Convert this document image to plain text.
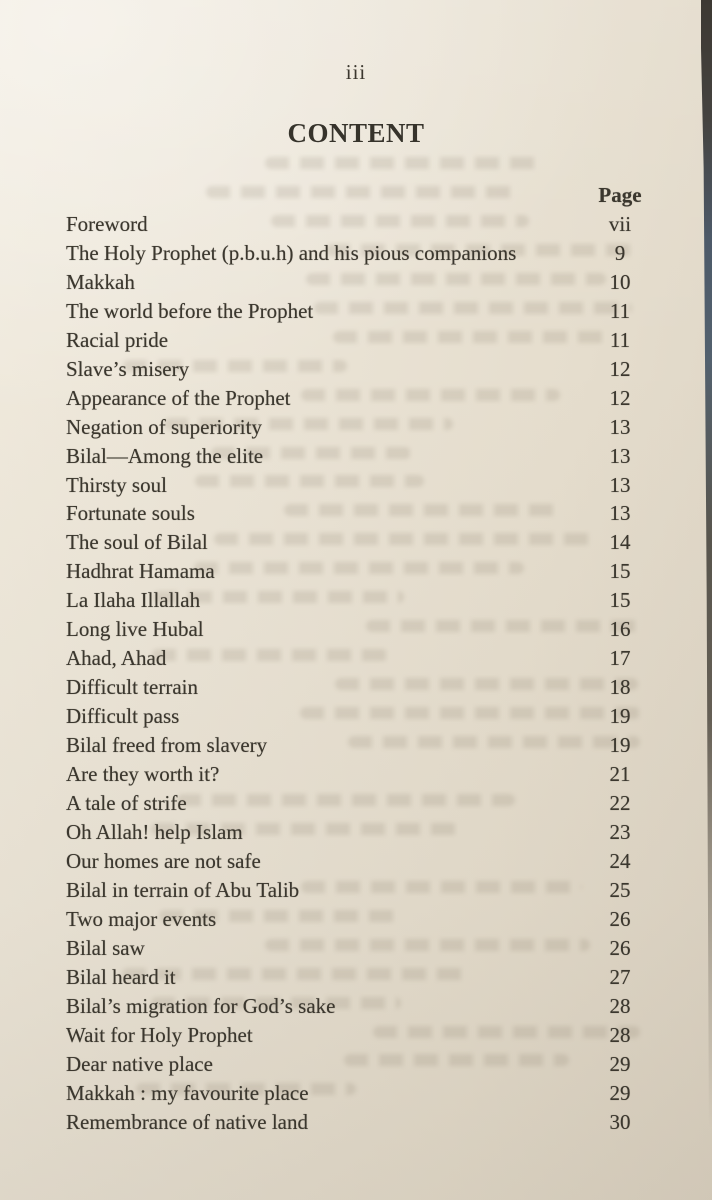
iii
CONTENT
Page
Foreword	vii
The Holy Prophet (p.b.u.h) and his pious companions	9
Makkah	10
The world before the Prophet	11
Racial pride	11
Slave’s misery	12
Appearance of the Prophet	12
Negation of superiority	13
Bilal—Among the elite	13
Thirsty soul	13
Fortunate souls	13
The soul of Bilal	14
Hadhrat Hamama	15
La Ilaha Illallah	15
Long live Hubal	16
Ahad, Ahad	17
Difficult terrain	18
Difficult pass	19
Bilal freed from slavery	19
Are they worth it?	21
A tale of strife	22
Oh Allah! help Islam	23
Our homes are not safe	24
Bilal in terrain of Abu Talib	25
Two major events	26
Bilal saw	26
Bilal heard it	27
Bilal’s migration for God’s sake	28
Wait for Holy Prophet	28
Dear native place	29
Makkah : my favourite place	29
Remembrance of native land	30
